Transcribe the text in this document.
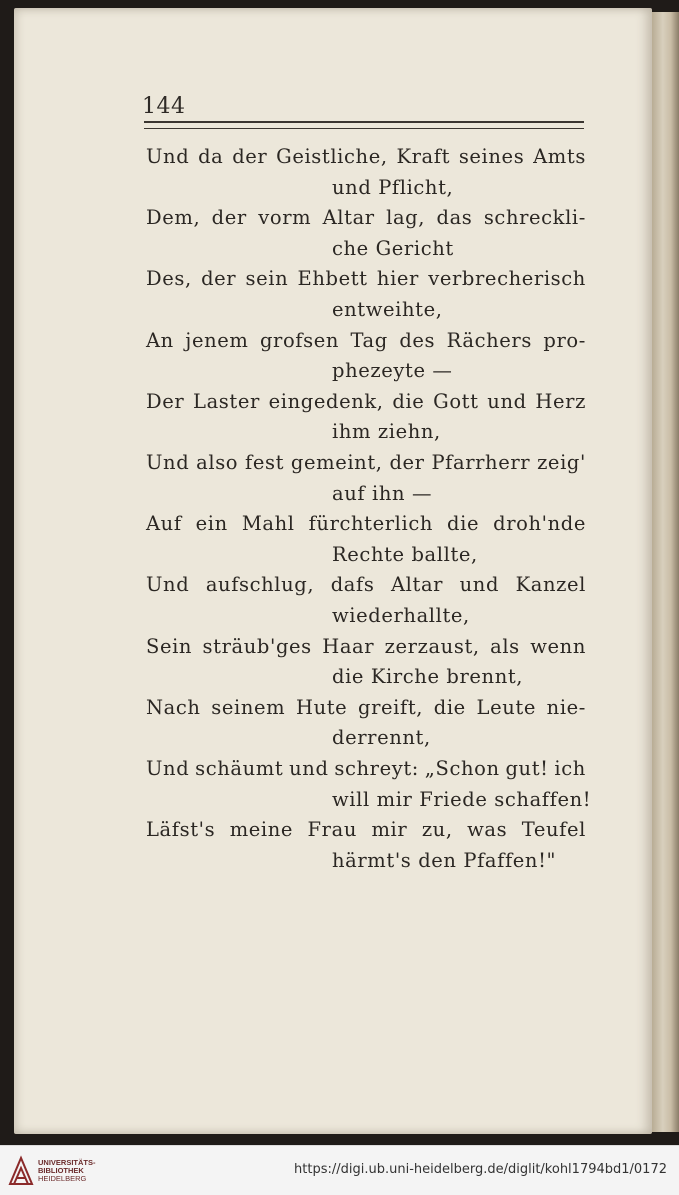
144
Und da der Geistliche, Kraft seines Amts
und Pflicht,
Dem, der vorm Altar lag, das schreckli-
che Gericht
Des, der sein Ehbett hier verbrecherisch
entweihte,
An jenem grofsen Tag des Rächers pro-
phezeyte —
Der Laster eingedenk, die Gott und Herz
ihm ziehn,
Und also fest gemeint, der Pfarrherr zeig'
auf ihn —
Auf ein Mahl fürchterlich die droh'nde
Rechte ballte,
Und aufschlug, dafs Altar und Kanzel
wiederhallte,
Sein sträub'ges Haar zerzaust, als wenn
die Kirche brennt,
Nach seinem Hute greift, die Leute nie-
derrennt,
Und schäumt und schreyt: „Schon gut! ich
will mir Friede schaffen!
Läfst's meine Frau mir zu, was Teufel
härmt's den Pfaffen!"
UNIVERSITÄTS-
BIBLIOTHEK
HEIDELBERG
https://digi.ub.uni-heidelberg.de/diglit/kohl1794bd1/0172
